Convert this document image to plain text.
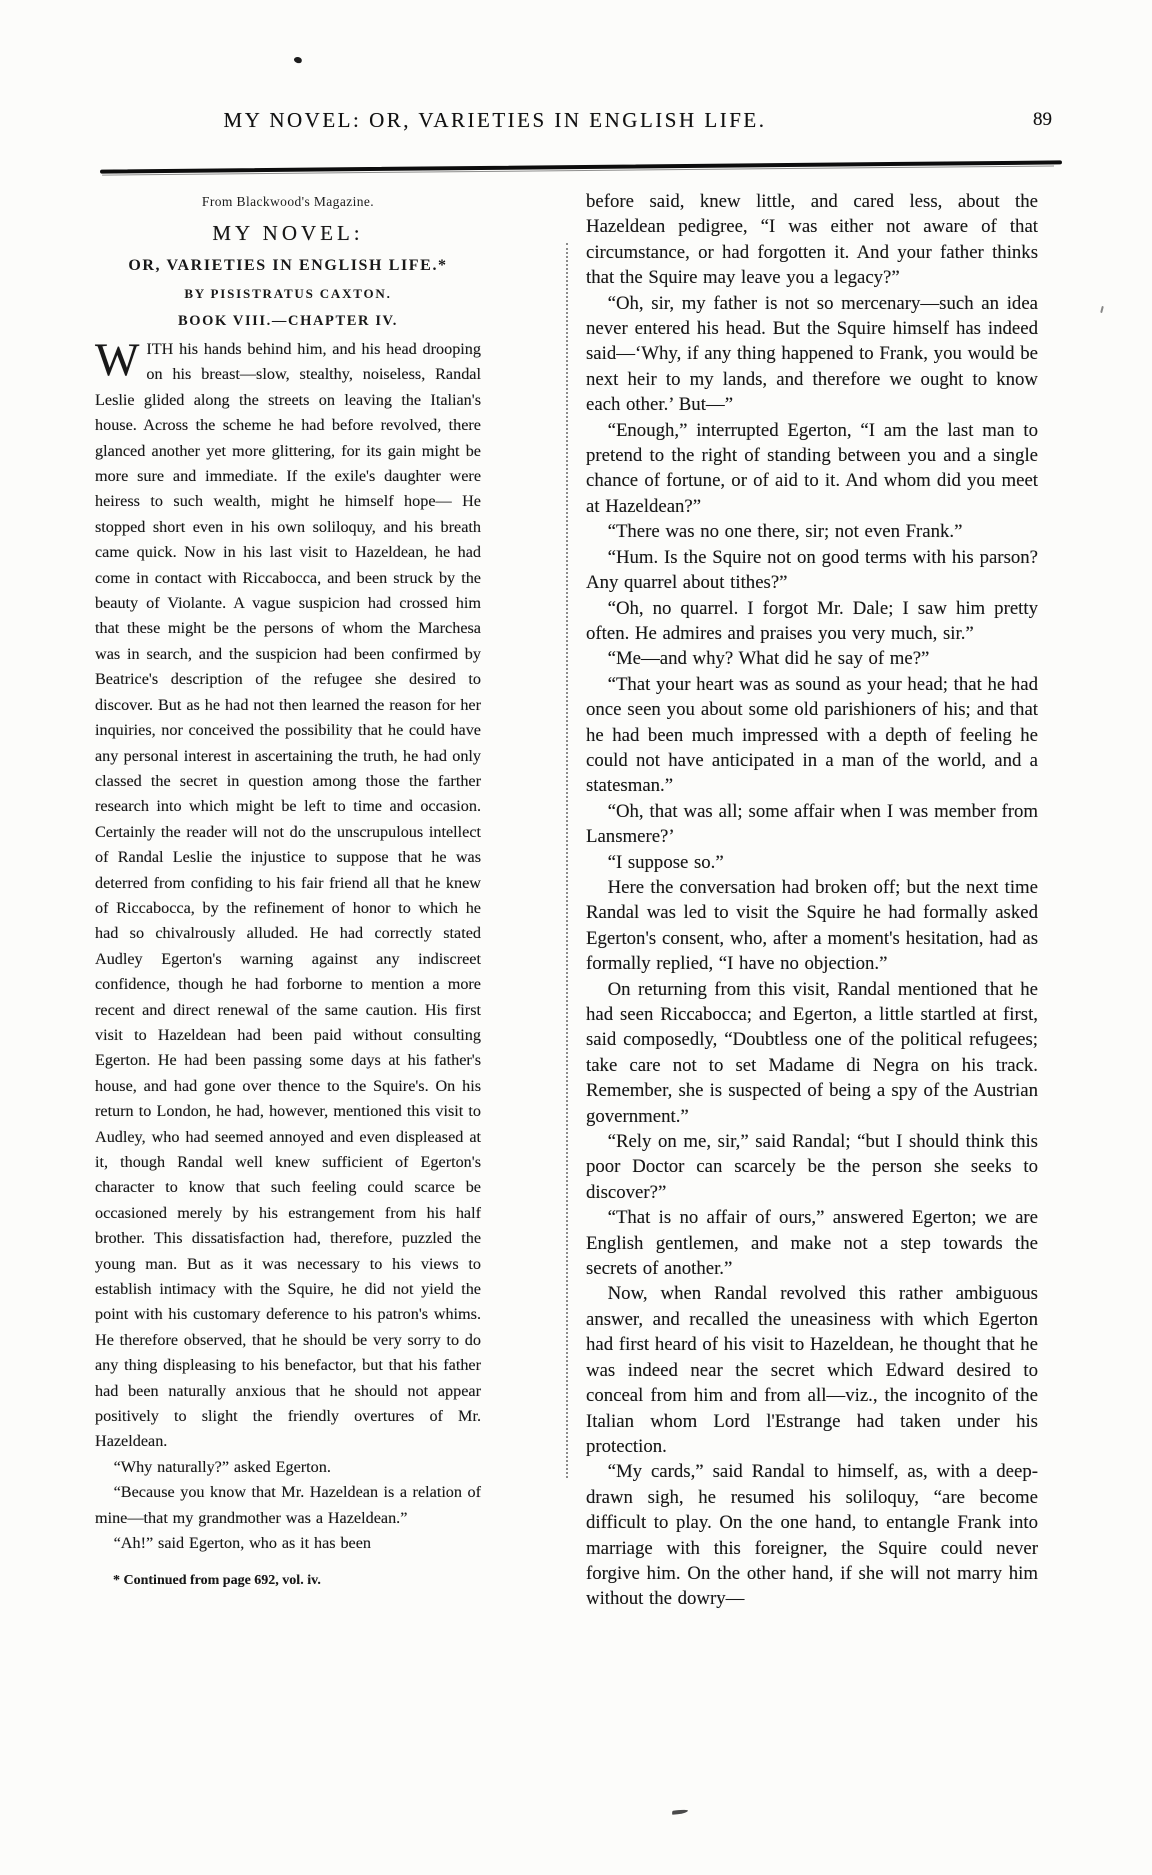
MY NOVEL: OR, VARIETIES IN ENGLISH LIFE.	89
From Blackwood's Magazine.
MY NOVEL:
OR, VARIETIES IN ENGLISH LIFE.*
BY PISISTRATUS CAXTON.
BOOK VIII.—CHAPTER IV.

WITH his hands behind him, and his head drooping on his breast—slow, stealthy, noiseless, Randal Leslie glided along the streets on leaving the Italian's house. Across the scheme he had before revolved, there glanced another yet more glittering, for its gain might be more sure and immediate. If the exile's daughter were heiress to such wealth, might he himself hope— He stopped short even in his own soliloquy, and his breath came quick. Now in his last visit to Hazeldean, he had come in contact with Riccabocca, and been struck by the beauty of Violante. A vague suspicion had crossed him that these might be the persons of whom the Marchesa was in search, and the suspicion had been confirmed by Beatrice's description of the refugee she desired to discover. But as he had not then learned the reason for her inquiries, nor conceived the possibility that he could have any personal interest in ascertaining the truth, he had only classed the secret in question among those the farther research into which might be left to time and occasion. Certainly the reader will not do the unscrupulous intellect of Randal Leslie the injustice to suppose that he was deterred from confiding to his fair friend all that he knew of Riccabocca, by the refinement of honor to which he had so chivalrously alluded. He had correctly stated Audley Egerton's warning against any indiscreet confidence, though he had forborne to mention a more recent and direct renewal of the same caution. His first visit to Hazeldean had been paid without consulting Egerton. He had been passing some days at his father's house, and had gone over thence to the Squire's. On his return to London, he had, however, mentioned this visit to Audley, who had seemed annoyed and even displeased at it, though Randal well knew sufficient of Egerton's character to know that such feeling could scarce be occasioned merely by his estrangement from his half brother. This dissatisfaction had, therefore, puzzled the young man. But as it was necessary to his views to establish intimacy with the Squire, he did not yield the point with his customary deference to his patron's whims. He therefore observed, that he should be very sorry to do any thing displeasing to his benefactor, but that his father had been naturally anxious that he should not appear positively to slight the friendly overtures of Mr. Hazeldean.

“Why naturally?” asked Egerton.

“Because you know that Mr. Hazeldean is a relation of mine—that my grandmother was a Hazeldean.”

“Ah!” said Egerton, who as it has been

* Continued from page 692, vol. iv.

before said, knew little, and cared less, about the Hazeldean pedigree, “I was either not aware of that circumstance, or had forgotten it. And your father thinks that the Squire may leave you a legacy?”

“Oh, sir, my father is not so mercenary—such an idea never entered his head. But the Squire himself has indeed said—‘Why, if any thing happened to Frank, you would be next heir to my lands, and therefore we ought to know each other.’ But—”

“Enough,” interrupted Egerton, “I am the last man to pretend to the right of standing between you and a single chance of fortune, or of aid to it. And whom did you meet at Hazeldean?”

“There was no one there, sir; not even Frank.”

“Hum. Is the Squire not on good terms with his parson? Any quarrel about tithes?”

“Oh, no quarrel. I forgot Mr. Dale; I saw him pretty often. He admires and praises you very much, sir.”

“Me—and why? What did he say of me?”

“That your heart was as sound as your head; that he had once seen you about some old parishioners of his; and that he had been much impressed with a depth of feeling he could not have anticipated in a man of the world, and a statesman.”

“Oh, that was all; some affair when I was member from Lansmere?’

“I suppose so.”

Here the conversation had broken off; but the next time Randal was led to visit the Squire he had formally asked Egerton's consent, who, after a moment's hesitation, had as formally replied, “I have no objection.”

On returning from this visit, Randal mentioned that he had seen Riccabocca; and Egerton, a little startled at first, said composedly, “Doubtless one of the political refugees; take care not to set Madame di Negra on his track. Remember, she is suspected of being a spy of the Austrian government.”

“Rely on me, sir,” said Randal; “but I should think this poor Doctor can scarcely be the person she seeks to discover?”

“That is no affair of ours,” answered Egerton; we are English gentlemen, and make not a step towards the secrets of another.”

Now, when Randal revolved this rather ambiguous answer, and recalled the uneasiness with which Egerton had first heard of his visit to Hazeldean, he thought that he was indeed near the secret which Edward desired to conceal from him and from all—viz., the incognito of the Italian whom Lord l'Estrange had taken under his protection.

“My cards,” said Randal to himself, as, with a deep-drawn sigh, he resumed his soliloquy, “are become difficult to play. On the one hand, to entangle Frank into marriage with this foreigner, the Squire could never forgive him. On the other hand, if she will not marry him without the dowry—
